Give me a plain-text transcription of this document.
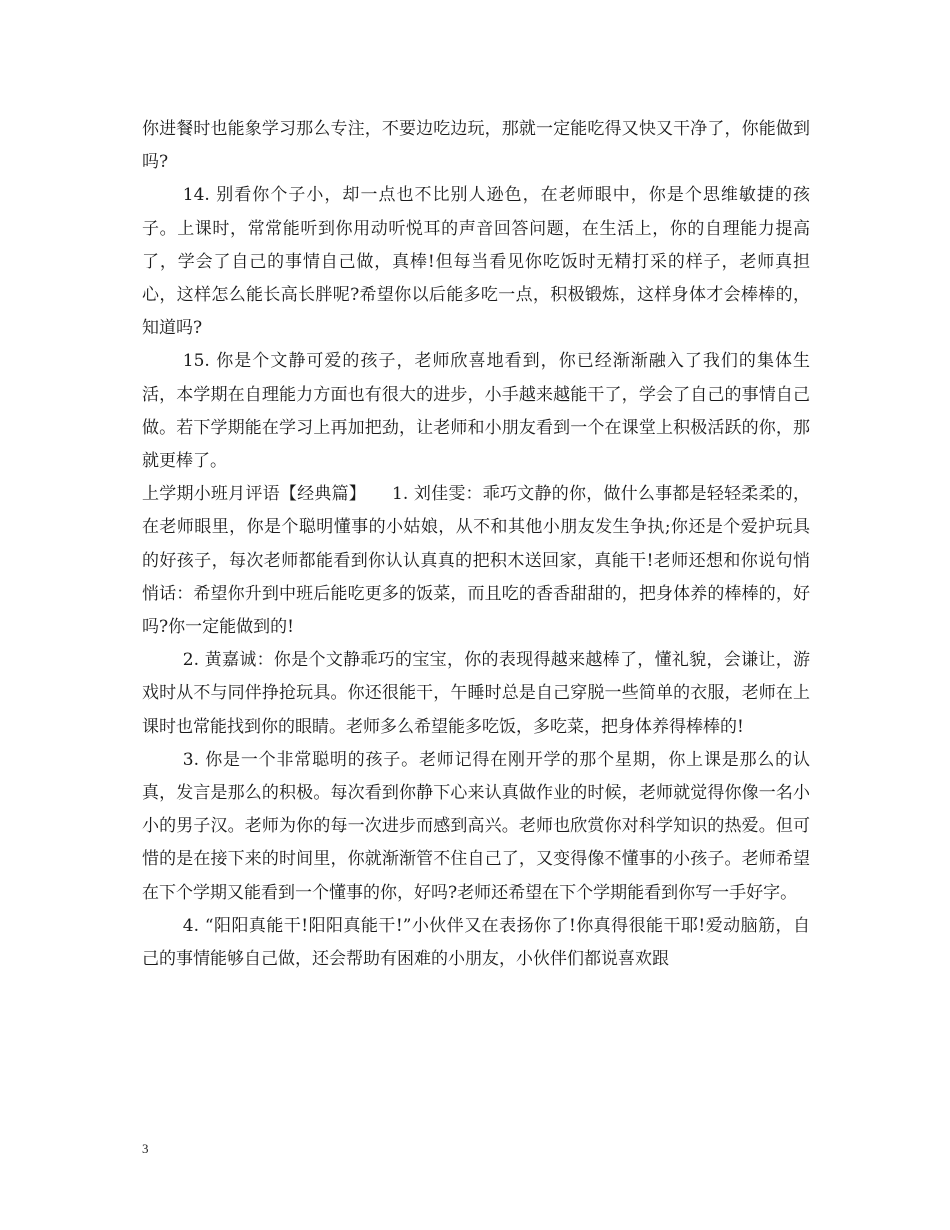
你进餐时也能象学习那么专注，不要边吃边玩，那就一定能吃得又快又干净了，你能做到吗?

14. 别看你个子小，却一点也不比别人逊色，在老师眼中，你是个思维敏捷的孩子。上课时，常常能听到你用动听悦耳的声音回答问题，在生活上，你的自理能力提高了，学会了自己的事情自己做，真棒!但每当看见你吃饭时无精打采的样子，老师真担心，这样怎么能长高长胖呢?希望你以后能多吃一点，积极锻炼，这样身体才会棒棒的，知道吗?

15. 你是个文静可爱的孩子，老师欣喜地看到，你已经渐渐融入了我们的集体生活，本学期在自理能力方面也有很大的进步，小手越来越能干了，学会了自己的事情自己做。若下学期能在学习上再加把劲，让老师和小朋友看到一个在课堂上积极活跃的你，那就更棒了。

上学期小班月评语【经典篇】　　1. 刘佳雯：乖巧文静的你，做什么事都是轻轻柔柔的，在老师眼里，你是个聪明懂事的小姑娘，从不和其他小朋友发生争执;你还是个爱护玩具的好孩子，每次老师都能看到你认认真真的把积木送回家，真能干!老师还想和你说句悄悄话：希望你升到中班后能吃更多的饭菜，而且吃的香香甜甜的，把身体养的棒棒的，好吗?你一定能做到的!

2. 黄嘉诚：你是个文静乖巧的宝宝，你的表现得越来越棒了，懂礼貌，会谦让，游戏时从不与同伴挣抢玩具。你还很能干，午睡时总是自己穿脱一些简单的衣服，老师在上课时也常能找到你的眼睛。老师多么希望能多吃饭，多吃菜，把身体养得棒棒的!

3. 你是一个非常聪明的孩子。老师记得在刚开学的那个星期，你上课是那么的认真，发言是那么的积极。每次看到你静下心来认真做作业的时候，老师就觉得你像一名小小的男子汉。老师为你的每一次进步而感到高兴。老师也欣赏你对科学知识的热爱。但可惜的是在接下来的时间里，你就渐渐管不住自己了，又变得像不懂事的小孩子。老师希望在下个学期又能看到一个懂事的你，好吗?老师还希望在下个学期能看到你写一手好字。

4. “阳阳真能干!阳阳真能干!”小伙伴又在表扬你了!你真得很能干耶!爱动脑筋，自己的事情能够自己做，还会帮助有困难的小朋友，小伙伴们都说喜欢跟

3
